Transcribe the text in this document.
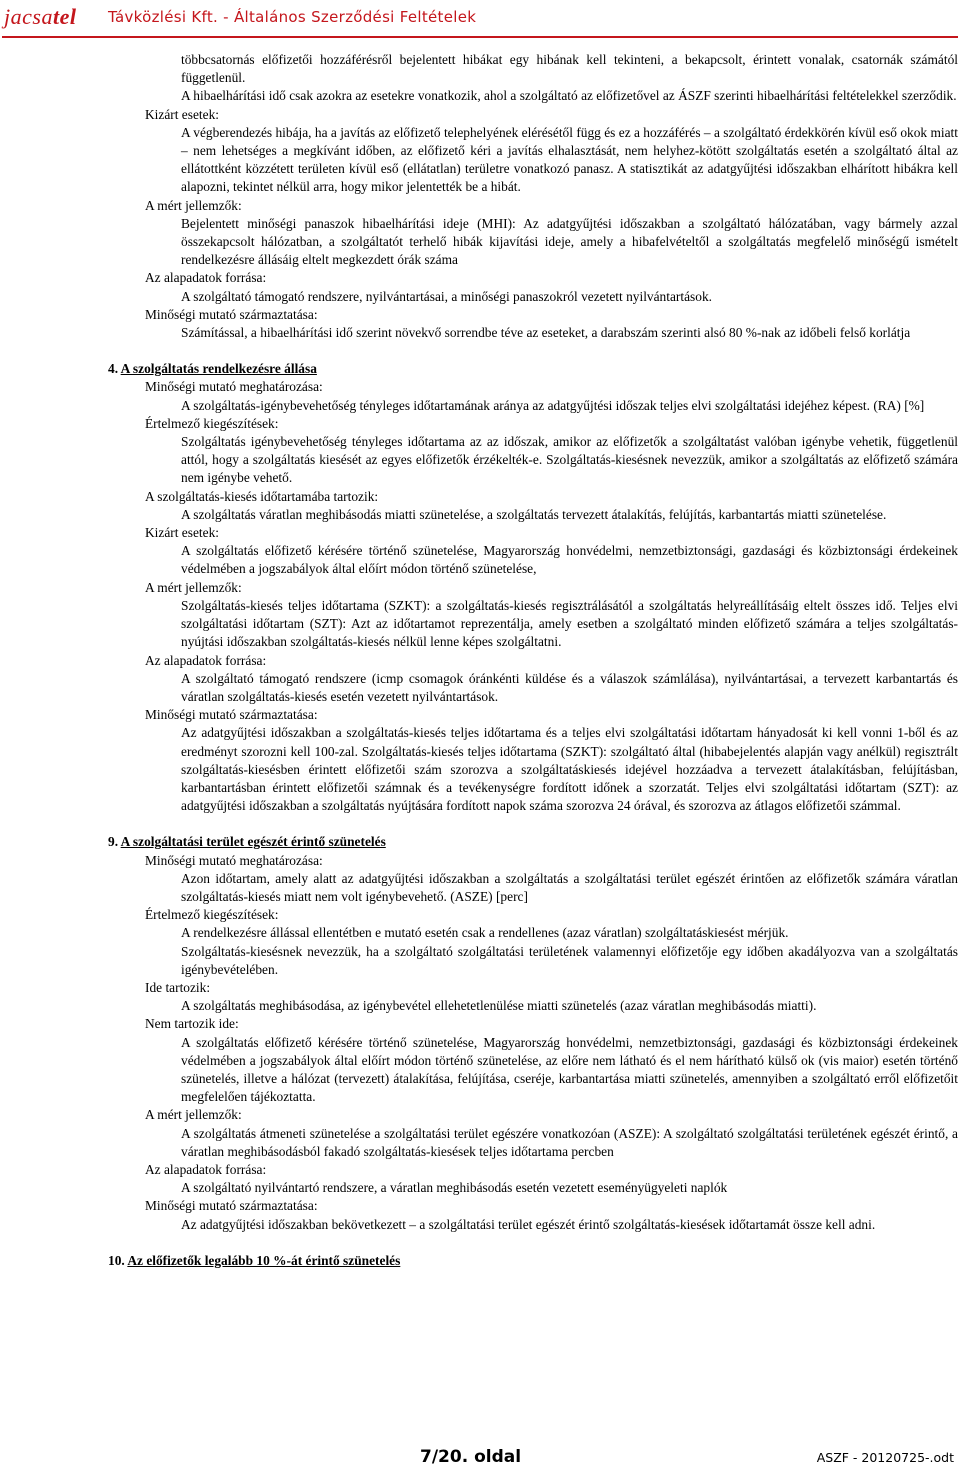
jacsatel Távközlési Kft. - Általános Szerződési Feltételek
többcsatornás előfizetői hozzáférésről bejelentett hibákat egy hibának kell tekinteni, a bekapcsolt, érintett vonalak, csatornák számától függetlenül.
A hibaelhárítási idő csak azokra az esetekre vonatkozik, ahol a szolgáltató az előfizetővel az ÁSZF szerinti hibaelhárítási feltételekkel szerződik.
Kizárt esetek:
A végberendezés hibája, ha a javítás az előfizető telephelyének elérésétől függ és ez a hozzáférés – a szolgáltató érdekkörén kívül eső okok miatt – nem lehetséges a megkívánt időben, az előfizető kéri a javítás elhalasztását, nem helyhez-kötött szolgáltatás esetén a szolgáltató által az ellátottként közzétett területen kívül eső (ellátatlan) területre vonatkozó panasz. A statisztikát az adatgyűjtési időszakban elhárított hibákra kell alapozni, tekintet nélkül arra, hogy mikor jelentették be a hibát.
A mért jellemzők:
Bejelentett minőségi panaszok hibaelhárítási ideje (MHI): Az adatgyűjtési időszakban a szolgáltató hálózatában, vagy bármely azzal összekapcsolt hálózatban, a szolgáltatót terhelő hibák kijavítási ideje, amely a hibafelvételtől a szolgáltatás megfelelő minőségű ismételt rendelkezésre állásáig eltelt megkezdett órák száma
Az alapadatok forrása:
A szolgáltató támogató rendszere, nyilvántartásai, a minőségi panaszokról vezetett nyilvántartások.
Minőségi mutató származtatása:
Számítással, a hibaelhárítási idő szerint növekvő sorrendbe téve az eseteket, a darabszám szerinti alsó 80 %-nak az időbeli felső korlátja
4. A szolgáltatás rendelkezésre állása
Minőségi mutató meghatározása:
A szolgáltatás-igénybevehetőség tényleges időtartamának aránya az adatgyűjtési időszak teljes elvi szolgáltatási idejéhez képest. (RA) [%]
Értelmező kiegészítések:
Szolgáltatás igénybevehetőség tényleges időtartama az az időszak, amikor az előfizetők a szolgáltatást valóban igénybe vehetik, függetlenül attól, hogy a szolgáltatás kiesését az egyes előfizetők érzékelték-e. Szolgáltatás-kiesésnek nevezzük, amikor a szolgáltatás az előfizető számára nem igénybe vehető.
A szolgáltatás-kiesés időtartamába tartozik:
A szolgáltatás váratlan meghibásodás miatti szünetelése, a szolgáltatás tervezett átalakítás, felújítás, karbantartás miatti szünetelése.
Kizárt esetek:
A szolgáltatás előfizető kérésére történő szünetelése, Magyarország honvédelmi, nemzetbiztonsági, gazdasági és közbiztonsági érdekeinek védelmében a jogszabályok által előírt módon történő szünetelése,
A mért jellemzők:
Szolgáltatás-kiesés teljes időtartama (SZKT): a szolgáltatás-kiesés regisztrálásától a szolgáltatás helyreállításáig eltelt összes idő. Teljes elvi szolgáltatási időtartam (SZT): Azt az időtartamot reprezentálja, amely esetben a szolgáltató minden előfizető számára a teljes szolgáltatás-nyújtási időszakban szolgáltatás-kiesés nélkül lenne képes szolgáltatni.
Az alapadatok forrása:
A szolgáltató támogató rendszere (icmp csomagok óránkénti küldése és a válaszok számlálása), nyilvántartásai, a tervezett karbantartás és váratlan szolgáltatás-kiesés esetén vezetett nyilvántartások.
Minőségi mutató származtatása:
Az adatgyűjtési időszakban a szolgáltatás-kiesés teljes időtartama és a teljes elvi szolgáltatási időtartam hányadosát ki kell vonni 1-ből és az eredményt szorozni kell 100-zal. Szolgáltatás-kiesés teljes időtartama (SZKT): szolgáltató által (hibabejelentés alapján vagy anélkül) regisztrált szolgáltatás-kiesésben érintett előfizetői szám szorozva a szolgáltatáskiesés idejével hozzáadva a tervezett átalakításban, felújításban, karbantartásban érintett előfizetői számnak és a tevékenységre fordított időnek a szorzatát. Teljes elvi szolgáltatási időtartam (SZT): az adatgyűjtési időszakban a szolgáltatás nyújtására fordított napok száma szorozva 24 órával, és szorozva az átlagos előfizetői számmal.
9. A szolgáltatási terület egészét érintő szünetelés
Minőségi mutató meghatározása:
Azon időtartam, amely alatt az adatgyűjtési időszakban a szolgáltatás a szolgáltatási terület egészét érintően az előfizetők számára váratlan szolgáltatás-kiesés miatt nem volt igénybevehető. (ASZE) [perc]
Értelmező kiegészítések:
A rendelkezésre állással ellentétben e mutató esetén csak a rendellenes (azaz váratlan) szolgáltatáskiesést mérjük.
Szolgáltatás-kiesésnek nevezzük, ha a szolgáltató szolgáltatási területének valamennyi előfizetője egy időben akadályozva van a szolgáltatás igénybevételében.
Ide tartozik:
A szolgáltatás meghibásodása, az igénybevétel ellehetetlenülése miatti szünetelés (azaz váratlan meghibásodás miatti).
Nem tartozik ide:
A szolgáltatás előfizető kérésére történő szünetelése, Magyarország honvédelmi, nemzetbiztonsági, gazdasági és közbiztonsági érdekeinek védelmében a jogszabályok által előírt módon történő szünetelése, az előre nem látható és el nem hárítható külső ok (vis maior) esetén történő szünetelés, illetve a hálózat (tervezett) átalakítása, felújítása, cseréje, karbantartása miatti szünetelés, amennyiben a szolgáltató erről előfizetőit megfelelően tájékoztatta.
A mért jellemzők:
A szolgáltatás átmeneti szünetelése a szolgáltatási terület egészére vonatkozóan (ASZE): A szolgáltató szolgáltatási területének egészét érintő, a váratlan meghibásodásból fakadó szolgáltatás-kiesések teljes időtartama percben
Az alapadatok forrása:
A szolgáltató nyilvántartó rendszere, a váratlan meghibásodás esetén vezetett eseményügyeleti naplók
Minőségi mutató származtatása:
Az adatgyűjtési időszakban bekövetkezett – a szolgáltatási terület egészét érintő szolgáltatás-kiesések időtartamát össze kell adni.
10. Az előfizetők legalább 10 %-át érintő szünetelés
7/20. oldal	ASZF - 20120725-.odt
